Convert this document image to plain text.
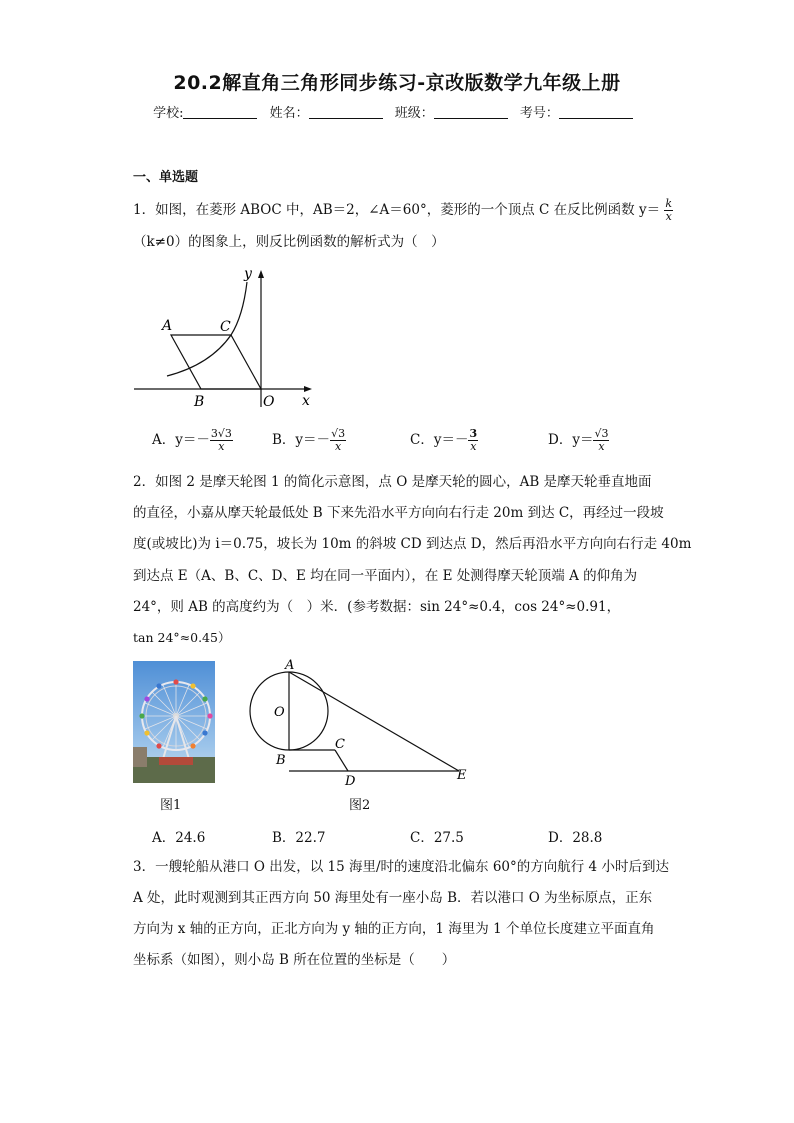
20.2解直角三角形同步练习-京改版数学九年级上册
学校:	姓名：	班级：	考号：
一、单选题
1．如图，在菱形 ABOC 中，AB＝2，∠A＝60°，菱形的一个顶点 C 在反比例函数 $y= \frac{k}{x}$
（k≠0）的图象上，则反比例函数的解析式为（　）
A	C
B	O x
y
A．$y=- \frac{3√3}{x}$	B．$y=- \frac{√3}{x}$	C．$y=- \frac{3}{x}$	D．$y= \frac{√3}{x}$
2．如图 2 是摩天轮图 1 的简化示意图，点 O 是摩天轮的圆心，AB 是摩天轮垂直地面
的直径，小嘉从摩天轮最低处 B 下来先沿水平方向向右行走 20m 到达 C，再经过一段坡
度(或坡比)为 i＝0.75，坡长为 10m 的斜坡 CD 到达点 D，然后再沿水平方向向右行走 40m
到达点 E（A、B、C、D、E 均在同一平面内），在 E 处测得摩天轮顶端 A 的仰角为
24°，则 AB 的高度约为（　）米．(参考数据：sin 24°≈0.4，cos 24°≈0.91，
tan 24°≈0.45）
图1
A
O
B
C
D	E
图2
A．24.6	B．22.7	C．27.5	D．28.8
3．一艘轮船从港口 O 出发，以 15 海里/时的速度沿北偏东 60°的方向航行 4 小时后到达
A 处，此时观测到其正西方向 50 海里处有一座小岛 B．若以港口 O 为坐标原点，正东
方向为 x 轴的正方向，正北方向为 y 轴的正方向，1 海里为 1 个单位长度建立平面直角
坐标系（如图），则小岛 B 所在位置的坐标是（　　）
